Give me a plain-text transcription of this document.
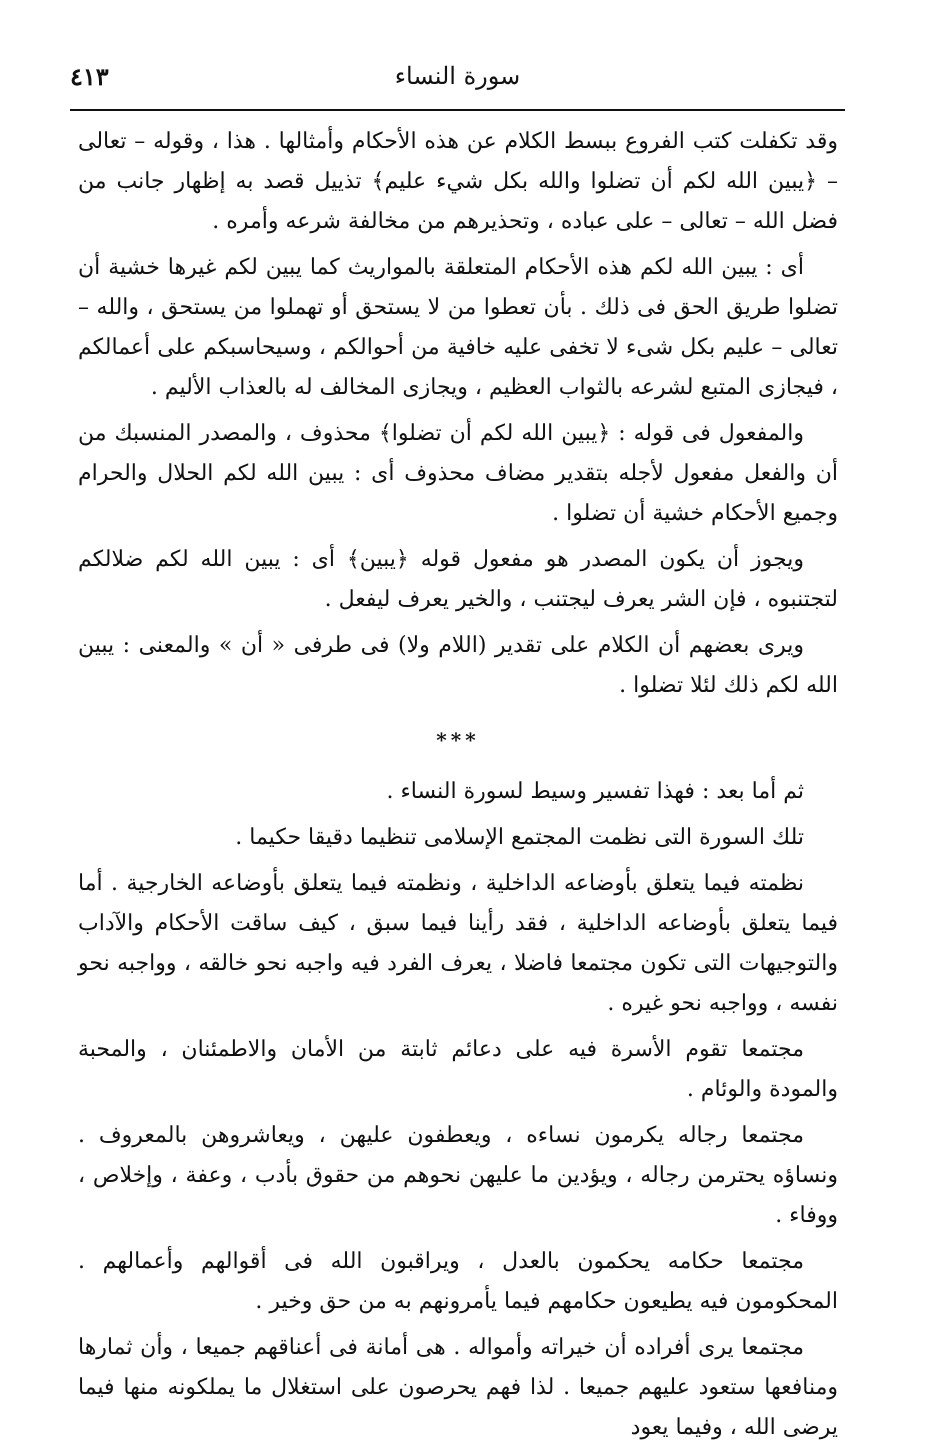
٤١٣	سورة النساء

وقد تكفلت كتب الفروع ببسط الكلام عن هذه الأحكام وأمثالها . هذا ، وقوله – تعالى – ﴿يبين الله لكم أن تضلوا والله بكل شيء عليم﴾ تذييل قصد به إظهار جانب من فضل الله – تعالى – على عباده ، وتحذيرهم من مخالفة شرعه وأمره .

أى : يبين الله لكم هذه الأحكام المتعلقة بالمواريث كما يبين لكم غيرها خشية أن تضلوا طريق الحق فى ذلك . بأن تعطوا من لا يستحق أو تهملوا من يستحق ، والله – تعالى – عليم بكل شىء لا تخفى عليه خافية من أحوالكم ، وسيحاسبكم على أعمالكم ، فيجازى المتبع لشرعه بالثواب العظيم ، ويجازى المخالف له بالعذاب الأليم .

والمفعول فى قوله : ﴿يبين الله لكم أن تضلوا﴾ محذوف ، والمصدر المنسبك من أن والفعل مفعول لأجله بتقدير مضاف محذوف أى : يبين الله لكم الحلال والحرام وجميع الأحكام خشية أن تضلوا .

ويجوز أن يكون المصدر هو مفعول قوله ﴿يبين﴾ أى : يبين الله لكم ضلالكم لتجتنبوه ، فإن الشر يعرف ليجتنب ، والخير يعرف ليفعل .

ويرى بعضهم أن الكلام على تقدير (اللام ولا) فى طرفى « أن » والمعنى : يبين الله لكم ذلك لئلا تضلوا .

***

ثم أما بعد : فهذا تفسير وسيط لسورة النساء .

تلك السورة التى نظمت المجتمع الإسلامى تنظيما دقيقا حكيما .

نظمته فيما يتعلق بأوضاعه الداخلية ، ونظمته فيما يتعلق بأوضاعه الخارجية . أما فيما يتعلق بأوضاعه الداخلية ، فقد رأينا فيما سبق ، كيف ساقت الأحكام والآداب والتوجيهات التى تكون مجتمعا فاضلا ، يعرف الفرد فيه واجبه نحو خالقه ، وواجبه نحو نفسه ، وواجبه نحو غيره .

مجتمعا تقوم الأسرة فيه على دعائم ثابتة من الأمان والاطمئنان ، والمحبة والمودة والوئام .

مجتمعا رجاله يكرمون نساءه ، ويعطفون عليهن ، ويعاشروهن بالمعروف . ونساؤه يحترمن رجاله ، ويؤدين ما عليهن نحوهم من حقوق بأدب ، وعفة ، وإخلاص ، ووفاء .

مجتمعا حكامه يحكمون بالعدل ، ويراقبون الله فى أقوالهم وأعمالهم . المحكومون فيه يطيعون حكامهم فيما يأمرونهم به من حق وخير .

مجتمعا يرى أفراده أن خيراته وأمواله . هى أمانة فى أعناقهم جميعا ، وأن ثمارها ومنافعها ستعود عليهم جميعا . لذا فهم يحرصون على استغلال ما يملكونه منها فيما يرضى الله ، وفيما يعود
